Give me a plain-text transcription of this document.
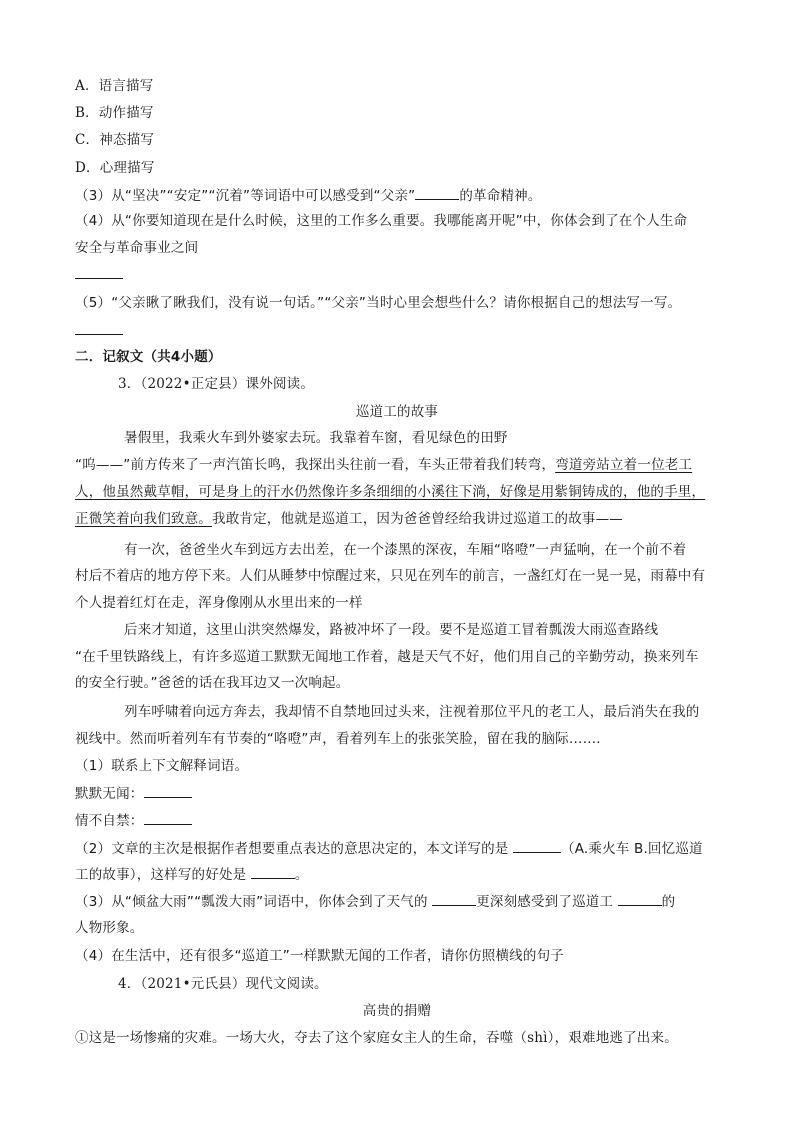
A．语言描写
B．动作描写
C．神态描写
D．心理描写
（3）从“坚决”“安定”“沉着”等词语中可以感受到“父亲”	的革命精神。
（4）从“你要知道现在是什么时候，这里的工作多么重要。我哪能离开呢”中，你体会到了在个人生命
安全与革命事业之间
（5）“父亲瞅了瞅我们，没有说一句话。”“父亲”当时心里会想些什么？请你根据自己的想法写一写。
二．记叙文（共4小题）
3．（2022•正定县）课外阅读。
巡道工的故事
暑假里，我乘火车到外婆家去玩。我靠着车窗，看见绿色的田野
“呜——”前方传来了一声汽笛长鸣，我探出头往前一看，车头正带着我们转弯，弯道旁站立着一位老工
人，他虽然戴草帽，可是身上的汗水仍然像许多条细细的小溪往下淌，好像是用紫铜铸成的，他的手里，
正微笑着向我们致意。我敢肯定，他就是巡道工，因为爸爸曾经给我讲过巡道工的故事——
有一次，爸爸坐火车到远方去出差，在一个漆黑的深夜，车厢“咯噔”一声猛响，在一个前不着
村后不着店的地方停下来。人们从睡梦中惊醒过来，只见在列车的前言，一盏红灯在一晃一晃，雨幕中有
个人提着红灯在走，浑身像刚从水里出来的一样
后来才知道，这里山洪突然爆发，路被冲坏了一段。要不是巡道工冒着瓢泼大雨巡查路线
“在千里铁路线上，有许多巡道工默默无闻地工作着，越是天气不好，他们用自己的辛勤劳动，换来列车
的安全行驶。”爸爸的话在我耳边又一次响起。
列车呼啸着向远方奔去，我却情不自禁地回过头来，注视着那位平凡的老工人，最后消失在我的
视线中。然而听着列车有节奏的“咯噔”声，看着列车上的张张笑脸，留在我的脑际…….
（1）联系上下文解释词语。
默默无闻：
情不自禁：
（2）文章的主次是根据作者想要重点表达的意思决定的，本文详写的是	（A.乘火车 B.回忆巡道
工的故事），这样写的好处是	。
（3）从“倾盆大雨”“瓢泼大雨”词语中，你体会到了天气的	更深刻感受到了巡道工	的
人物形象。
（4）在生活中，还有很多“巡道工”一样默默无闻的工作者，请你仿照横线的句子
4．（2021•元氏县）现代文阅读。
高贵的捐赠
①这是一场惨痛的灾难。一场大火，夺去了这个家庭女主人的生命，吞噬（shì），艰难地逃了出来。
